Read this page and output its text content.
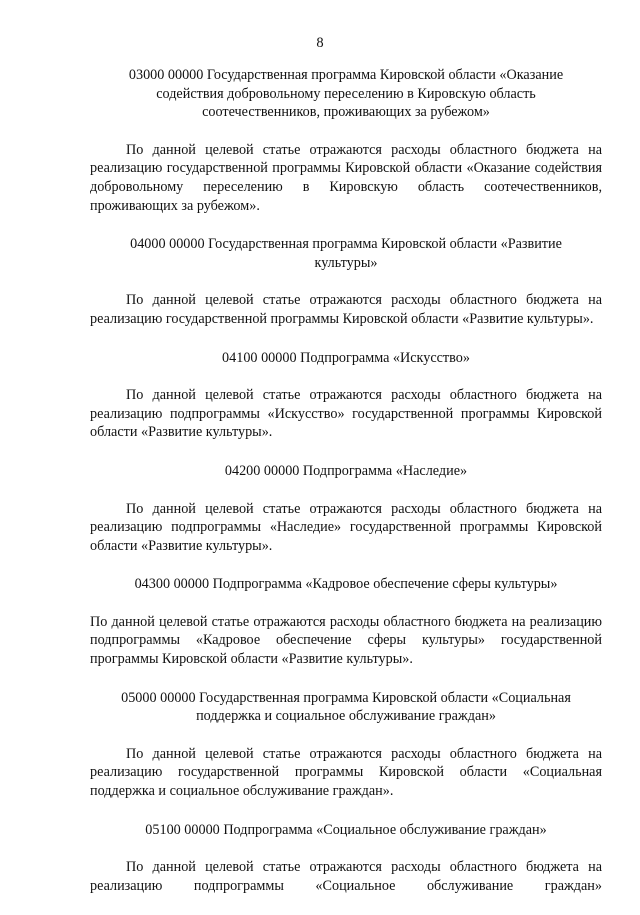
8
03000 00000 Государственная программа Кировской области «Оказание
содействия добровольному переселению в Кировскую область
соотечественников, проживающих за рубежом»

По данной целевой статье отражаются расходы областного бюджета на реализацию государственной программы Кировской области «Оказание содействия добровольному переселению в Кировскую область соотечественников, проживающих за рубежом».

04000 00000 Государственная программа Кировской области «Развитие
культуры»

По данной целевой статье отражаются расходы областного бюджета на реализацию государственной программы Кировской области «Развитие культуры».

04100 00000 Подпрограмма «Искусство»

По данной целевой статье отражаются расходы областного бюджета на реализацию подпрограммы «Искусство» государственной программы Кировской области «Развитие культуры».

04200 00000 Подпрограмма «Наследие»

По данной целевой статье отражаются расходы областного бюджета на реализацию подпрограммы «Наследие» государственной программы Кировской области «Развитие культуры».

04300 00000 Подпрограмма «Кадровое обеспечение сферы культуры»

По данной целевой статье отражаются расходы областного бюджета на реализацию подпрограммы «Кадровое обеспечение сферы культуры» государственной программы Кировской области «Развитие культуры».

05000 00000 Государственная программа Кировской области «Социальная
поддержка и социальное обслуживание граждан»

По данной целевой статье отражаются расходы областного бюджета на реализацию государственной программы Кировской области «Социальная поддержка и социальное обслуживание граждан».

05100 00000 Подпрограмма «Социальное обслуживание граждан»

По данной целевой статье отражаются расходы областного бюджета на реализацию подпрограммы «Социальное обслуживание граждан»
